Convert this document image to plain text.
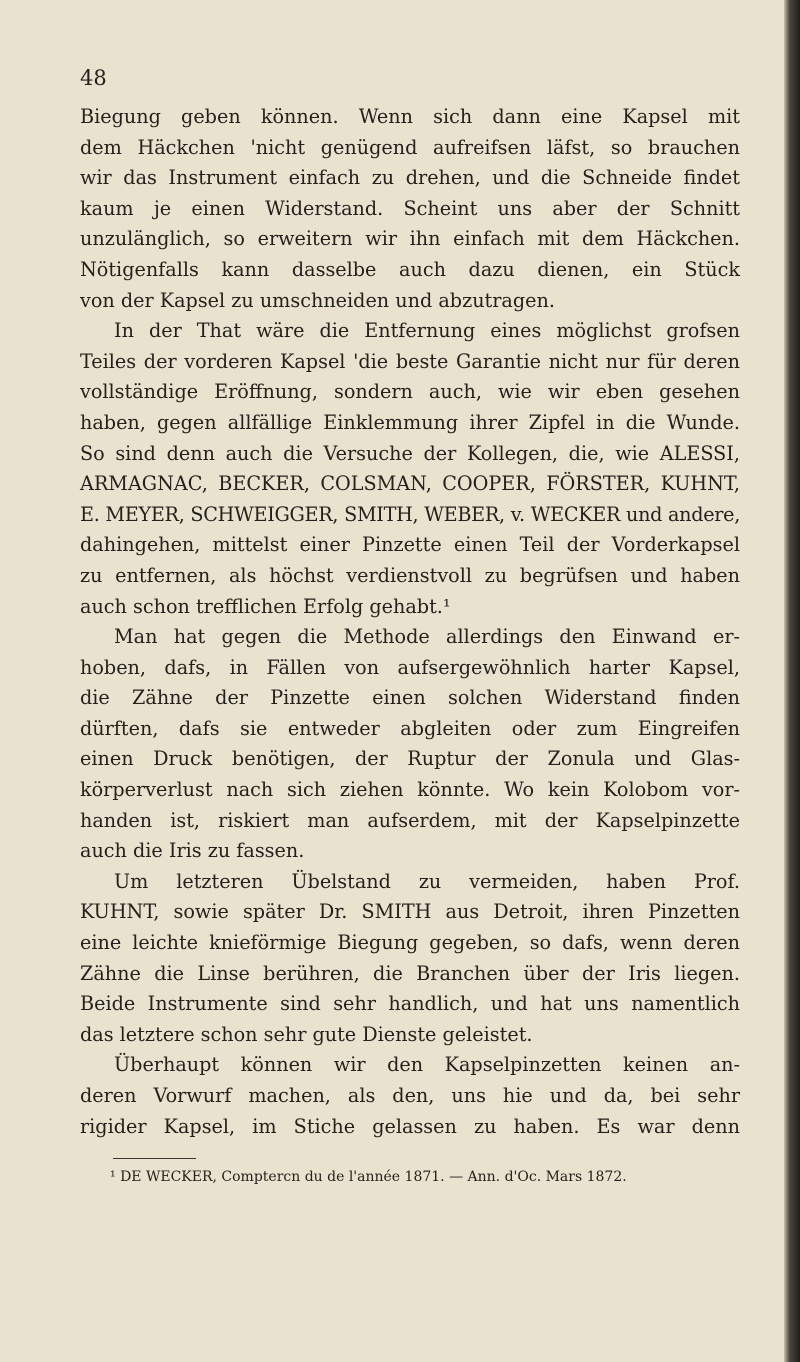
48
Biegung geben können. Wenn sich dann eine Kapsel mit
dem Häckchen 'nicht genügend aufreifsen läfst, so brauchen
wir das Instrument einfach zu drehen, und die Schneide findet
kaum je einen Widerstand. Scheint uns aber der Schnitt
unzulänglich, so erweitern wir ihn einfach mit dem Häckchen.
Nötigenfalls kann dasselbe auch dazu dienen, ein Stück
von der Kapsel zu umschneiden und abzutragen.
In der That wäre die Entfernung eines möglichst grofsen
Teiles der vorderen Kapsel 'die beste Garantie nicht nur für deren
vollständige Eröffnung, sondern auch, wie wir eben gesehen
haben, gegen allfällige Einklemmung ihrer Zipfel in die Wunde.
So sind denn auch die Versuche der Kollegen, die, wie ALESSI,
ARMAGNAC, BECKER, COLSMAN, COOPER, FÖRSTER, KUHNT,
E. MEYER, SCHWEIGGER, SMITH, WEBER, v. WECKER und andere,
dahingehen, mittelst einer Pinzette einen Teil der Vorderkapsel
zu entfernen, als höchst verdienstvoll zu begrüfsen und haben
auch schon trefflichen Erfolg gehabt.¹
Man hat gegen die Methode allerdings den Einwand er-
hoben, dafs, in Fällen von aufsergewöhnlich harter Kapsel,
die Zähne der Pinzette einen solchen Widerstand finden
dürften, dafs sie entweder abgleiten oder zum Eingreifen
einen Druck benötigen, der Ruptur der Zonula und Glas-
körperverlust nach sich ziehen könnte. Wo kein Kolobom vor-
handen ist, riskiert man aufserdem, mit der Kapselpinzette
auch die Iris zu fassen.
Um letzteren Übelstand zu vermeiden, haben Prof.
KUHNT, sowie später Dr. SMITH aus Detroit, ihren Pinzetten
eine leichte knieförmige Biegung gegeben, so dafs, wenn deren
Zähne die Linse berühren, die Branchen über der Iris liegen.
Beide Instrumente sind sehr handlich, und hat uns namentlich
das letztere schon sehr gute Dienste geleistet.
Überhaupt können wir den Kapselpinzetten keinen an-
deren Vorwurf machen, als den, uns hie und da, bei sehr
rigider Kapsel, im Stiche gelassen zu haben. Es war denn
¹ DE WECKER, Comptercn du de l'année 1871. — Ann. d'Oc. Mars 1872.
